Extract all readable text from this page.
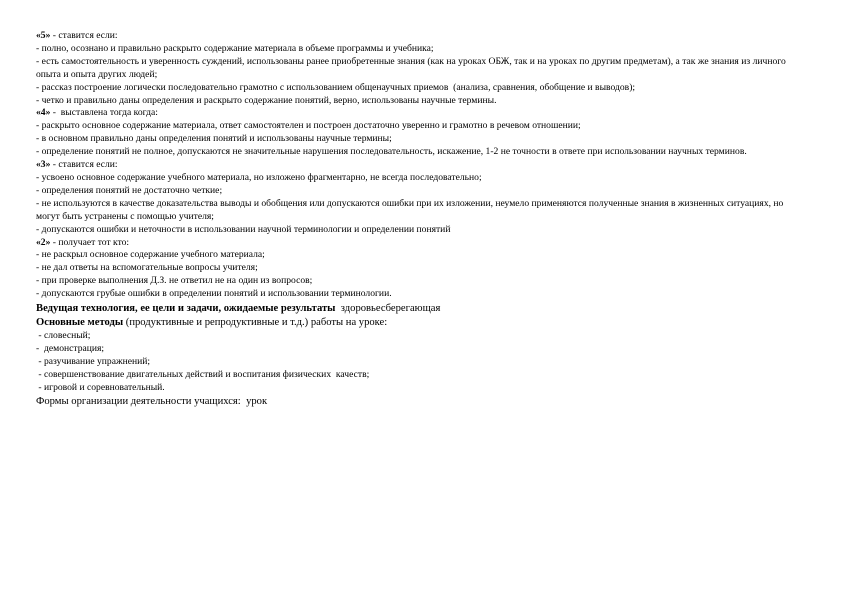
«5» - ставится если:
- полно, осознано и правильно раскрыто содержание материала в объеме программы и учебника;
- есть самостоятельность и уверенность суждений, использованы ранее приобретенные знания (как на уроках ОБЖ, так и на уроках по другим предметам), а так же знания из личного опыта и опыта других людей;
- рассказ построение логически последовательно грамотно с использованием общенаучных приемов  (анализа, сравнения, обобщение и выводов);
- четко и правильно даны определения и раскрыто содержание понятий, верно, использованы научные термины.
«4» -  выставлена тогда когда:
- раскрыто основное содержание материала, ответ самостоятелен и построен достаточно уверенно и грамотно в речевом отношении;
- в основном правильно даны определения понятий и использованы научные термины;
- определение понятий не полное, допускаются не значительные нарушения последовательность, искажение, 1-2 не точности в ответе при использовании научных терминов.
«3» - ставится если:
- усвоено основное содержание учебного материала, но изложено фрагментарно, не всегда последовательно;
- определения понятий не достаточно четкие;
- не используются в качестве доказательства выводы и обобщения или допускаются ошибки при их изложении, неумело применяются полученные знания в жизненных ситуациях, но могут быть устранены с помощью учителя;
- допускаются ошибки и неточности в использовании научной терминологии и определении понятий
«2» - получает тот кто:
- не раскрыл основное содержание учебного материала;
- не дал ответы на вспомогательные вопросы учителя;
- при проверке выполнения Д.З. не ответил не на один из вопросов;
- допускаются грубые ошибки в определении понятий и использовании терминологии.
Ведущая технология, ее цели и задачи, ожидаемые результаты  здоровьесберегающая
Основные методы (продуктивные и репродуктивные и т.д.) работы на уроке:
- словесный;
-  демонстрация;
- разучивание упражнений;
- совершенствование двигательных действий и воспитания физических  качеств;
- игровой и соревновательный.
Формы организации деятельности учащихся:  урок
